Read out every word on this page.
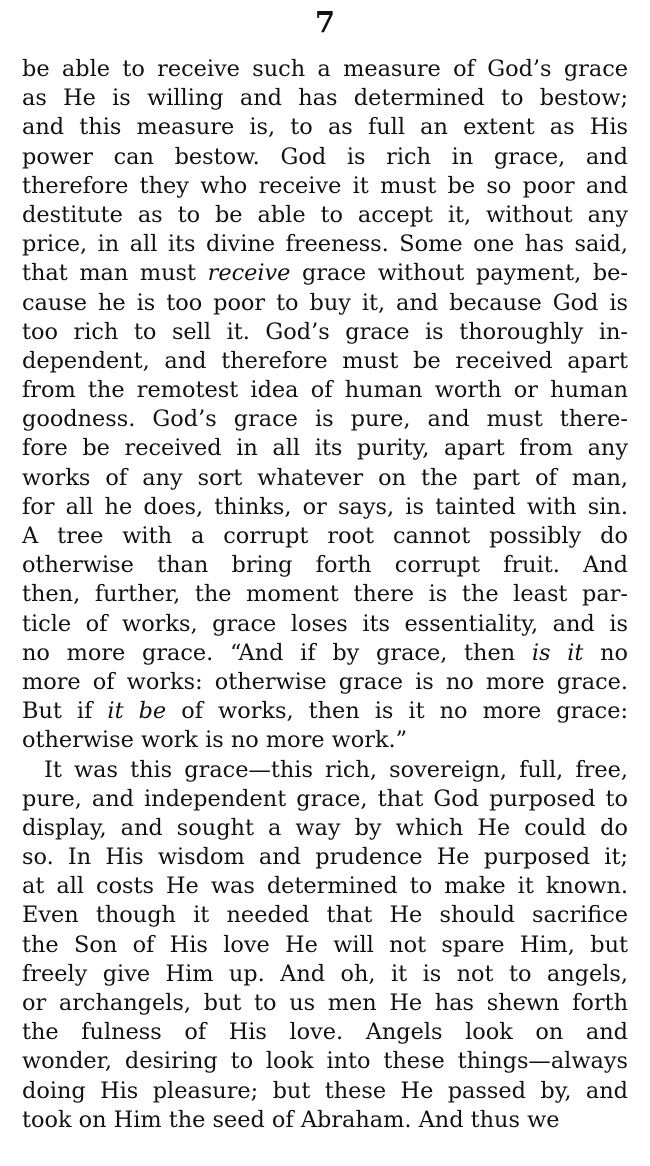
7
be able to receive such a measure of God’s grace
as He is willing and has determined to bestow;
and this measure is, to as full an extent as His
power can bestow. God is rich in grace, and
therefore they who receive it must be so poor and
destitute as to be able to accept it, without any
price, in all its divine freeness. Some one has said,
that man must receive grace without payment, be-
cause he is too poor to buy it, and because God is
too rich to sell it. God’s grace is thoroughly in-
dependent, and therefore must be received apart
from the remotest idea of human worth or human
goodness. God’s grace is pure, and must there-
fore be received in all its purity, apart from any
works of any sort whatever on the part of man,
for all he does, thinks, or says, is tainted with sin.
A tree with a corrupt root cannot possibly do
otherwise than bring forth corrupt fruit. And
then, further, the moment there is the least par-
ticle of works, grace loses its essentiality, and is
no more grace. “And if by grace, then is it no
more of works: otherwise grace is no more grace.
But if it be of works, then is it no more grace:
otherwise work is no more work.”
It was this grace—this rich, sovereign, full, free,
pure, and independent grace, that God purposed to
display, and sought a way by which He could do
so. In His wisdom and prudence He purposed it;
at all costs He was determined to make it known.
Even though it needed that He should sacrifice
the Son of His love He will not spare Him, but
freely give Him up. And oh, it is not to angels,
or archangels, but to us men He has shewn forth
the fulness of His love. Angels look on and
wonder, desiring to look into these things—always
doing His pleasure; but these He passed by, and
took on Him the seed of Abraham. And thus we
